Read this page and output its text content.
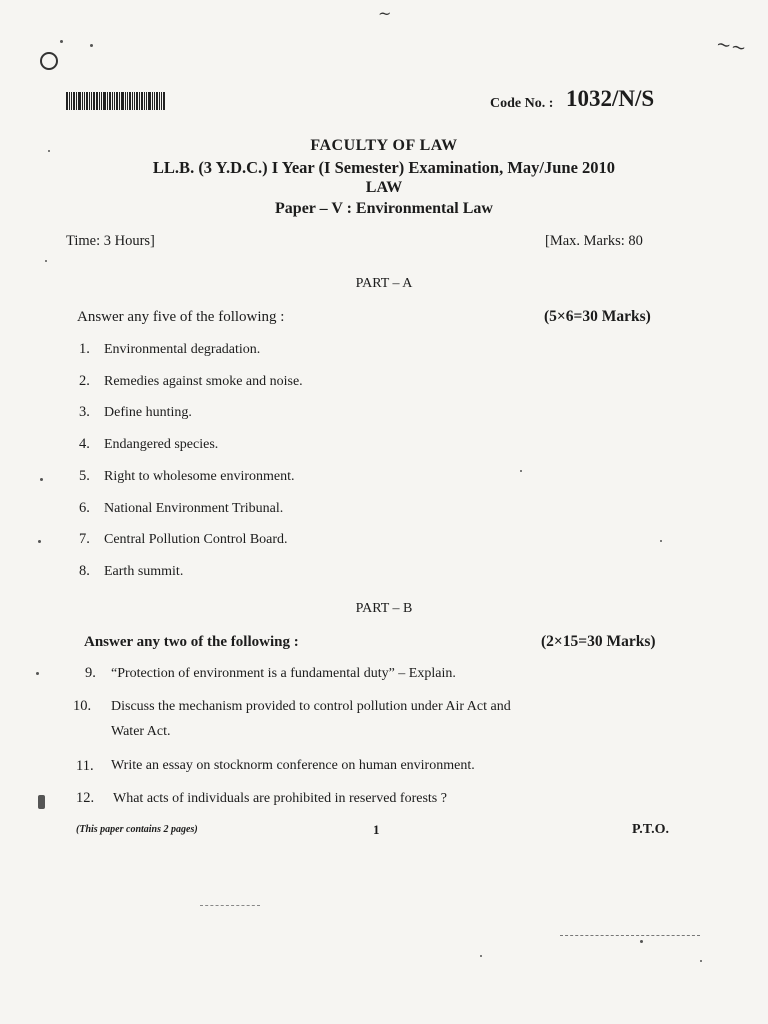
~
~~
Code No. : 1032/N/S
FACULTY OF LAW
LL.B. (3 Y.D.C.) I Year (I Semester) Examination, May/June 2010
LAW
Paper – V : Environmental Law
Time: 3 Hours]	[Max. Marks: 80
PART – A
Answer any five of the following :	(5×6=30 Marks)
1. Environmental degradation.
2. Remedies against smoke and noise.
3. Define hunting.
4. Endangered species.
5. Right to wholesome environment.
6. National Environment Tribunal.
7. Central Pollution Control Board.
8. Earth summit.
PART – B
Answer any two of the following :	(2×15=30 Marks)
9. “Protection of environment is a fundamental duty” – Explain.
10. Discuss the mechanism provided to control pollution under Air Act and
Water Act.
11. Write an essay on stocknorm conference on human environment.
12. What acts of individuals are prohibited in reserved forests ?
(This paper contains 2 pages)	1	P.T.O.
